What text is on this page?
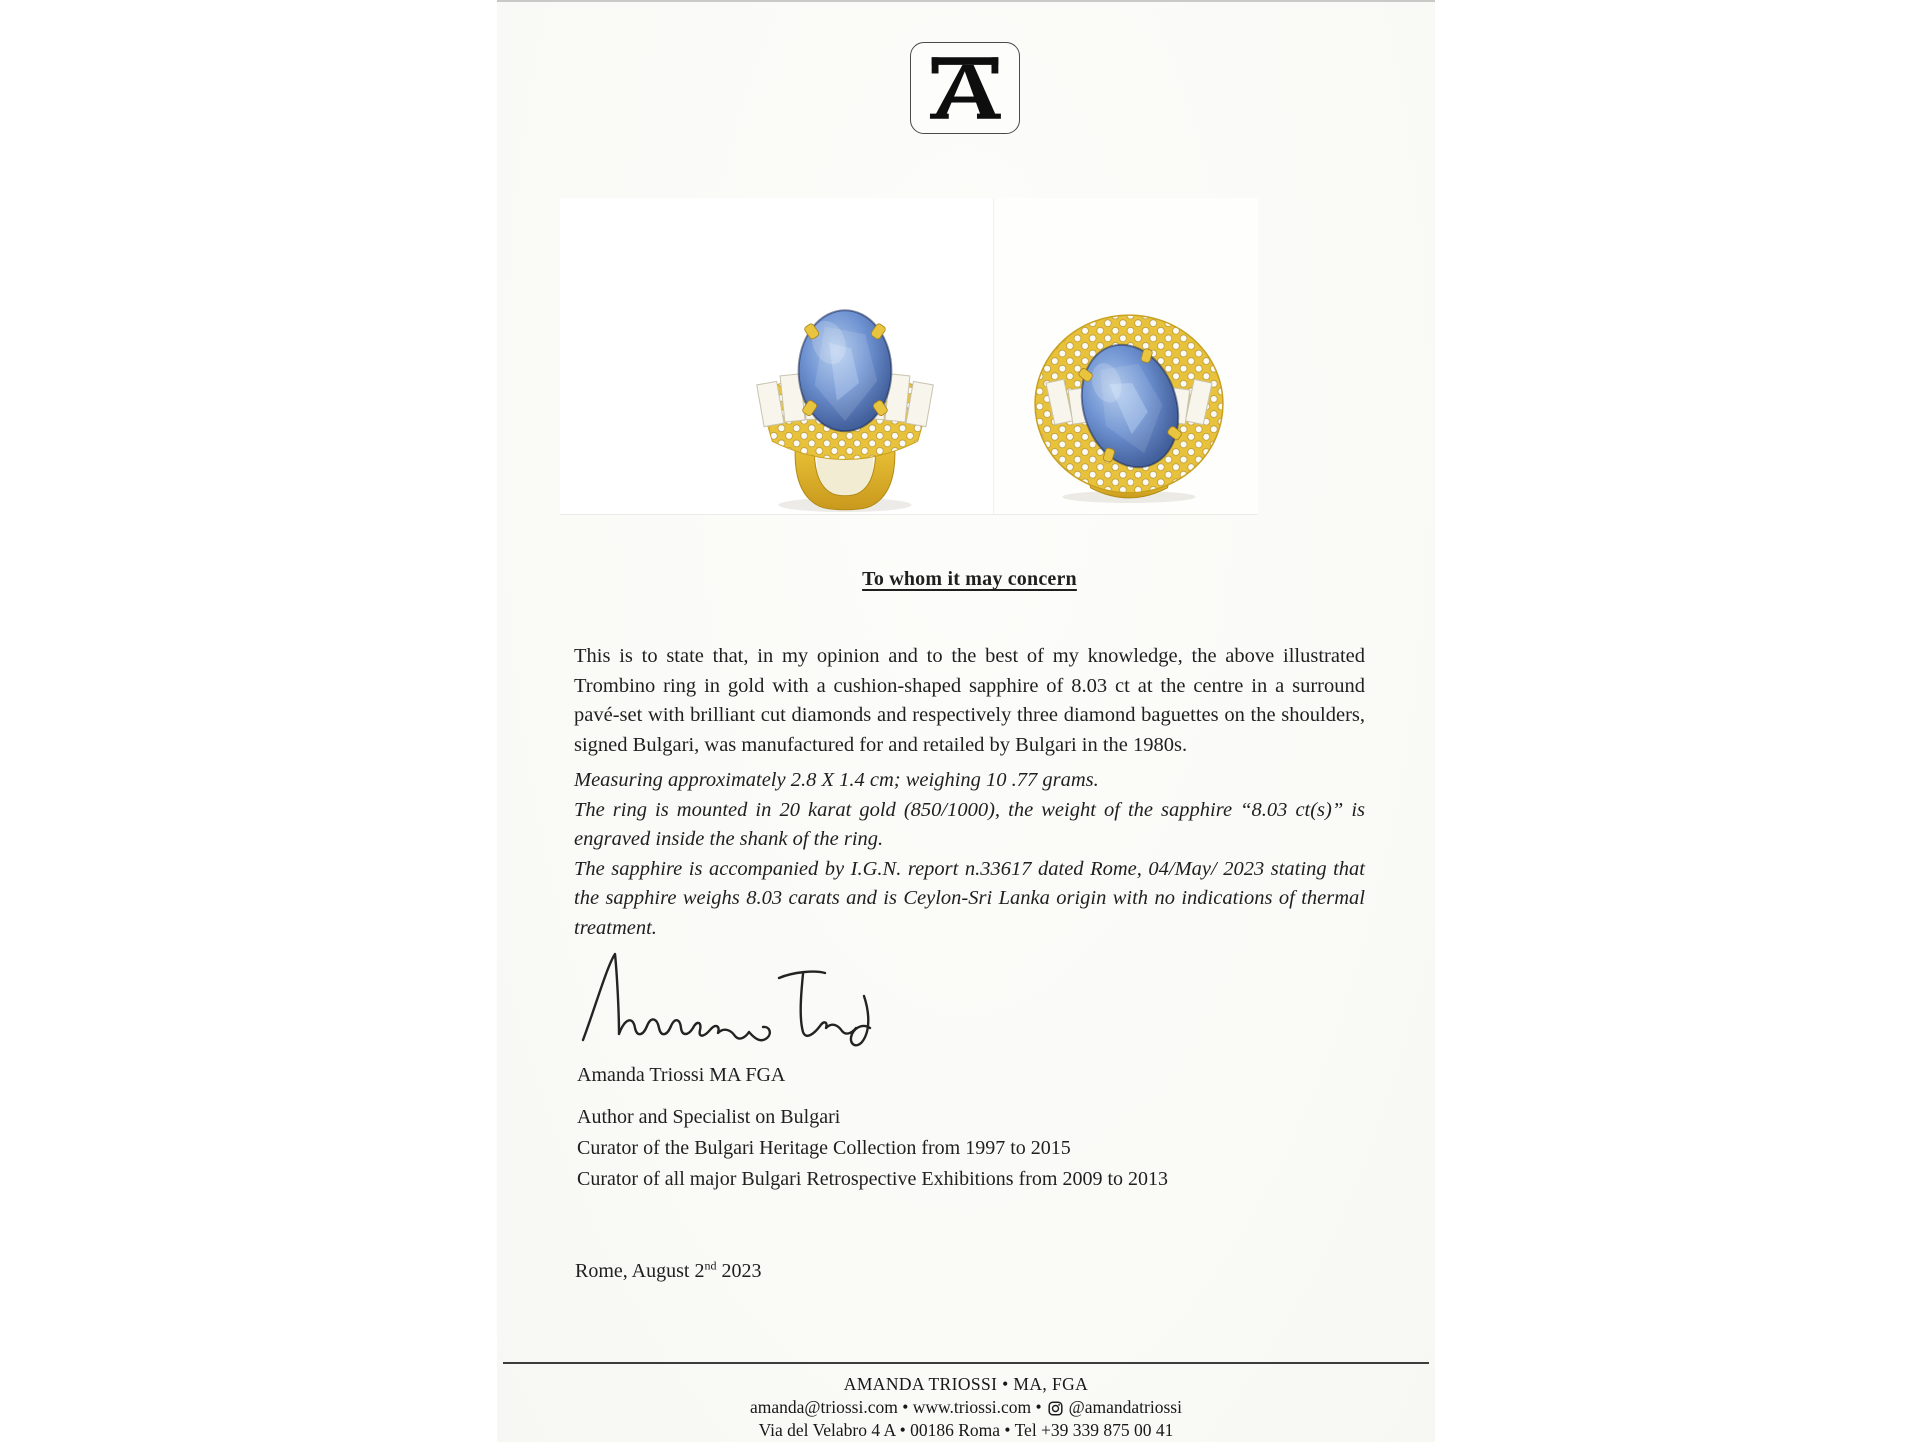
To whom it may concern

This is to state that, in my opinion and to the best of my knowledge, the above illustrated Trombino ring in gold with a cushion-shaped sapphire of 8.03 ct at the centre in a surround pavé-set with brilliant cut diamonds and respectively three diamond baguettes on the shoulders, signed Bulgari, was manufactured for and retailed by Bulgari in the 1980s.

Measuring approximately 2.8 X 1.4 cm; weighing 10 .77 grams.

The ring is mounted in 20 karat gold (850/1000), the weight of the sapphire “8.03 ct(s)” is engraved inside the shank of the ring.

The sapphire is accompanied by I.G.N. report n.33617 dated Rome, 04/May/ 2023 stating that the sapphire weighs 8.03 carats and is Ceylon-Sri Lanka origin with no indications of thermal treatment.

Amanda Triossi MA FGA
Author and Specialist on Bulgari
Curator of the Bulgari Heritage Collection from 1997 to 2015
Curator of all major Bulgari Retrospective Exhibitions from 2009 to 2013
Rome, August 2nd 2023
AMANDA TRIOSSI • MA, FGA
amanda@triossi.com • www.triossi.com • @amandatriossi
Via del Velabro 4 A • 00186 Roma • Tel +39 339 875 00 41
